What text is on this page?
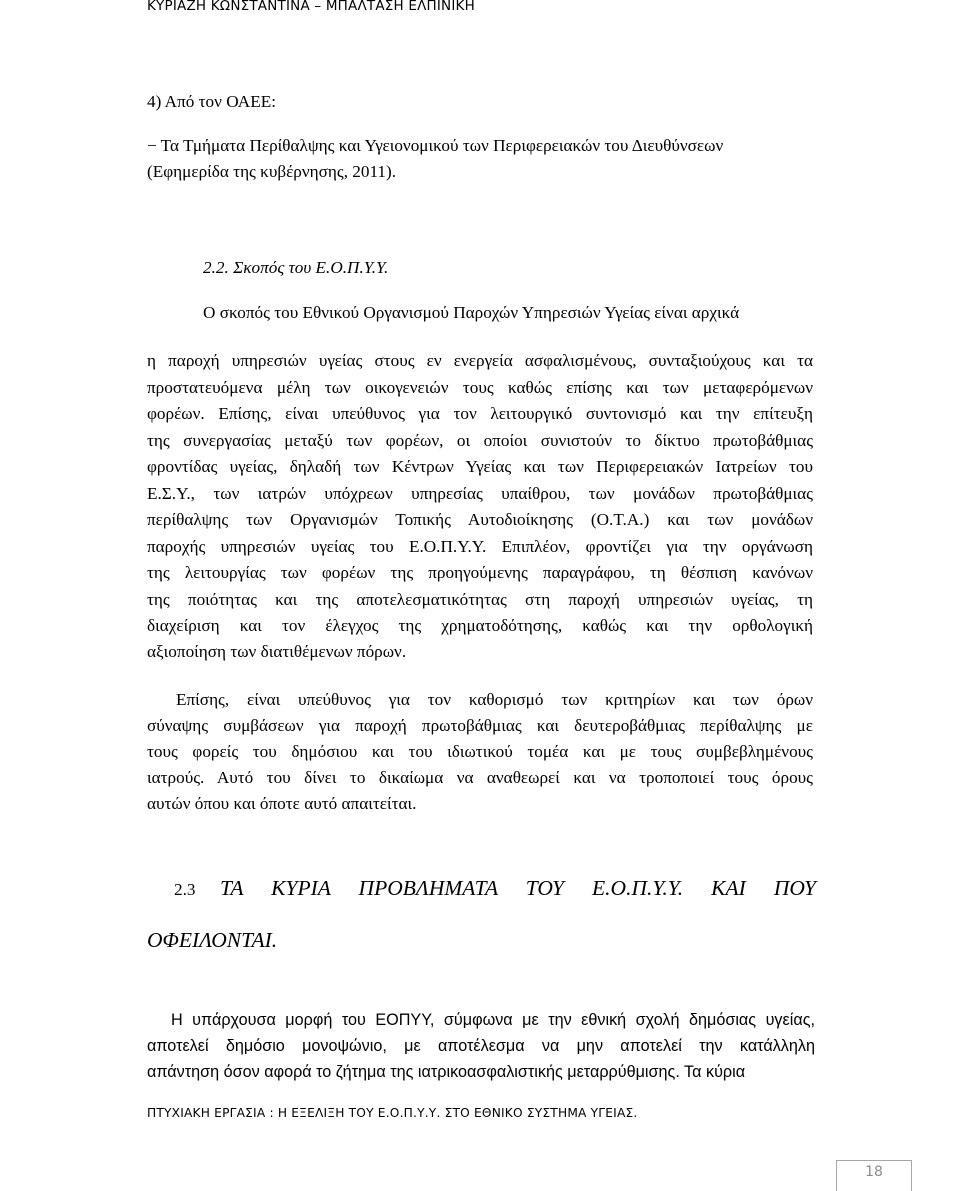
ΚΥΡΙΑΖΗ ΚΩΝΣΤΑΝΤΙΝΑ – ΜΠΑΛΤΑΣΗ ΕΛΠΙΝΙΚΗ
4) Από τον ΟΑΕΕ:
− Τα Τμήματα Περίθαλψης και Υγειονομικού των Περιφερειακών του Διευθύνσεων
(Εφημερίδα της κυβέρνησης, 2011).
2.2. Σκοπός του Ε.Ο.Π.Υ.Υ.
Ο σκοπός του Εθνικού Οργανισμού Παροχών Υπηρεσιών Υγείας είναι αρχικά
η παροχή υπηρεσιών υγείας στους εν ενεργεία ασφαλισμένους, συνταξιούχους και τα
προστατευόμενα μέλη των οικογενειών τους καθώς επίσης και των μεταφερόμενων
φορέων. Επίσης, είναι υπεύθυνος για τον λειτουργικό συντονισμό και την επίτευξη
της συνεργασίας μεταξύ των φορέων, οι οποίοι συνιστούν το δίκτυο πρωτοβάθμιας
φροντίδας υγείας, δηλαδή των Κέντρων Υγείας και των Περιφερειακών Ιατρείων του
Ε.Σ.Υ., των ιατρών υπόχρεων υπηρεσίας υπαίθρου, των μονάδων πρωτοβάθμιας
περίθαλψης των Οργανισμών Τοπικής Αυτοδιοίκησης (Ο.Τ.Α.) και των μονάδων
παροχής υπηρεσιών υγείας του Ε.Ο.Π.Υ.Υ. Επιπλέον, φροντίζει για την οργάνωση
της λειτουργίας των φορέων της προηγούμενης παραγράφου, τη θέσπιση κανόνων
της ποιότητας και της αποτελεσματικότητας στη παροχή υπηρεσιών υγείας, τη
διαχείριση και τον έλεγχος της χρηματοδότησης, καθώς και την ορθολογική
αξιοποίηση των διατιθέμενων πόρων.
Επίσης, είναι υπεύθυνος για τον καθορισμό των κριτηρίων και των όρων
σύναψης συμβάσεων για παροχή πρωτοβάθμιας και δευτεροβάθμιας περίθαλψης με
τους φορείς του δημόσιου και του ιδιωτικού τομέα και με τους συμβεβλημένους
ιατρούς. Αυτό του δίνει το δικαίωμα να αναθεωρεί και να τροποποιεί τους όρους
αυτών όπου και όποτε αυτό απαιτείται.
2.3 ΤΑ ΚΥΡΙΑ ΠΡΟΒΛΗΜΑΤΑ ΤΟΥ Ε.Ο.Π.Υ.Υ. ΚΑΙ ΠΟΥ
ΟΦΕΙΛΟΝΤΑΙ.
Η υπάρχουσα μορφή του ΕΟΠΥΥ, σύμφωνα με την εθνική σχολή δημόσιας υγείας,
αποτελεί δημόσιο μονοψώνιο, με αποτέλεσμα να μην αποτελεί την κατάλληλη
απάντηση όσον αφορά το ζήτημα της ιατρικοασφαλιστικής μεταρρύθμισης. Τα κύρια
ΠΤΥΧΙΑΚΗ ΕΡΓΑΣΙΑ : Η ΕΞΕΛΙΞΗ ΤΟΥ Ε.Ο.Π.Υ.Υ. ΣΤΟ ΕΘΝΙΚΟ ΣΥΣΤΗΜΑ ΥΓΕΙΑΣ.
18
